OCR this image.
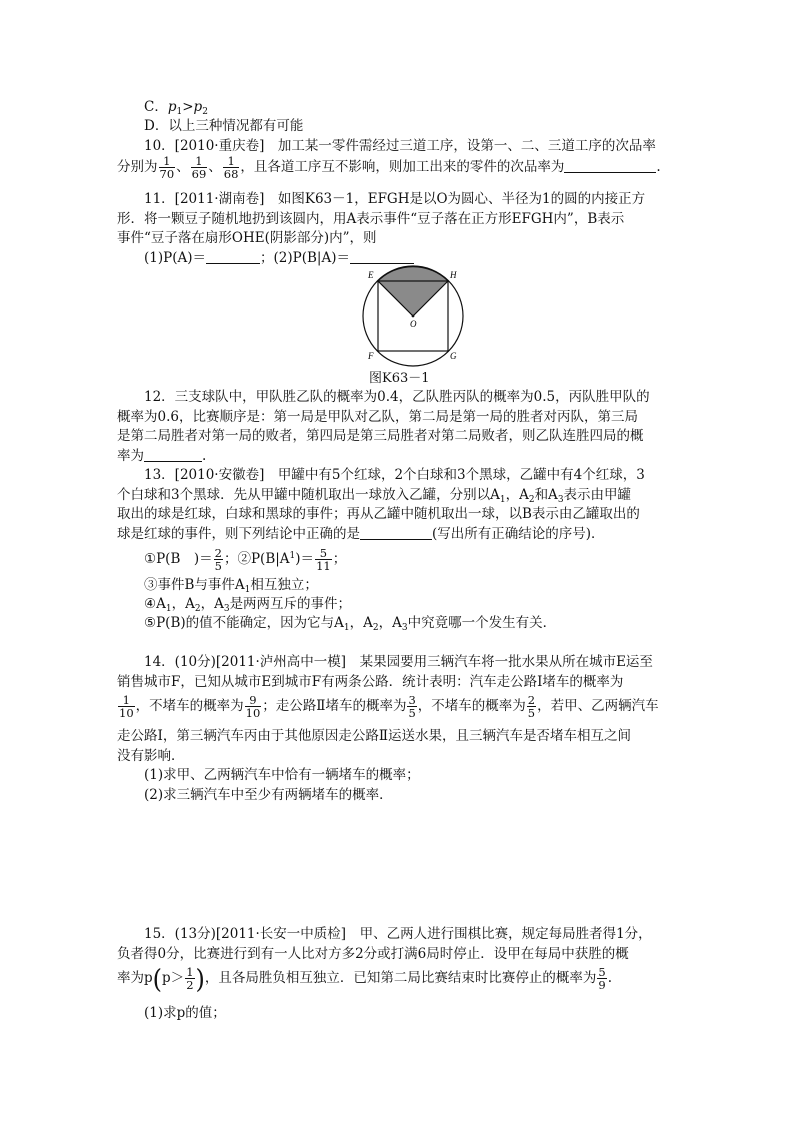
C．$p_1>p_2$
D．以上三种情况都有可能
10．[2010·重庆卷]　加工某一零件需经过三道工序，设第一、二、三道工序的次品率
分别为 $\frac{1}{70}$ 、 $\frac{1}{69}$ 、 $\frac{1}{68}$ ，且各道工序互不影响，则加工出来的零件的次品率为	.
11．[2011·湖南卷]　如图K63－1，EFGH是以O为圆心、半径为1的圆的内接正方
形．将一颗豆子随机地扔到该圆内，用A表示事件“豆子落在正方形EFGH内”，B表示
事件“豆子落在扇形OHE(阴影部分)内”，则
(1)P(A)＝	；(2)P(B|A)＝
E	H
O
F	G
图K63－1
12．三支球队中，甲队胜乙队的概率为0.4，乙队胜丙队的概率为0.5，丙队胜甲队的
概率为0.6，比赛顺序是：第一局是甲队对乙队，第二局是第一局的胜者对丙队，第三局
是第二局胜者对第一局的败者，第四局是第三局胜者对第二局败者，则乙队连胜四局的概
率为	.
13．[2010·安徽卷]　甲罐中有5个红球，2个白球和3个黑球，乙罐中有4个红球，3
个白球和3个黑球．先从甲罐中随机取出一球放入乙罐，分别以$A_1$，$A_2$和$A_3$表示由甲罐
取出的球是红球，白球和黑球的事件；再从乙罐中随机取出一球，以B表示由乙罐取出的
球是红球的事件，则下列结论中正确的是	(写出所有正确结论的序号)．
①P(B　)＝ $\frac{2}{5}$ ；$②P(B|A^1)= \frac{5}{11}$ ；
③事件B与事件$A_1$相互独立；
$④A_1$，$A_2$，$A_3$是两两互斥的事件；
⑤P(B)的值不能确定，因为它与$A_1$，$A_2$，$A_3$中究竟哪一个发生有关．
14．(10分)[2011·泸州高中一模]　某果园要用三辆汽车将一批水果从所在城市E运至
销售城市F，已知从城市E到城市F有两条公路．统计表明：汽车走公路Ⅰ堵车的概率为
$\frac{1}{10}$ ，不堵车的概率为 $\frac{9}{10}$ ；走公路Ⅱ堵车的概率为 $\frac{3}{5}$ ，不堵车的概率为 $\frac{2}{5}$ ，若甲、乙两辆汽车
走公路Ⅰ，第三辆汽车丙由于其他原因走公路Ⅱ运送水果，且三辆汽车是否堵车相互之间
没有影响．
(1)求甲、乙两辆汽车中恰有一辆堵车的概率；
(2)求三辆汽车中至少有两辆堵车的概率．
15．(13分)[2011·长安一中质检]　甲、乙两人进行围棋比赛，规定每局胜者得1分，
负者得0分，比赛进行到有一人比对方多2分或打满6局时停止．设甲在每局中获胜的概
率为$p(p> \frac{1}{2}$ )，且各局胜负相互独立．已知第二局比赛结束时比赛停止的概率为 $\frac{5}{9}$ .
(1)求p的值；
